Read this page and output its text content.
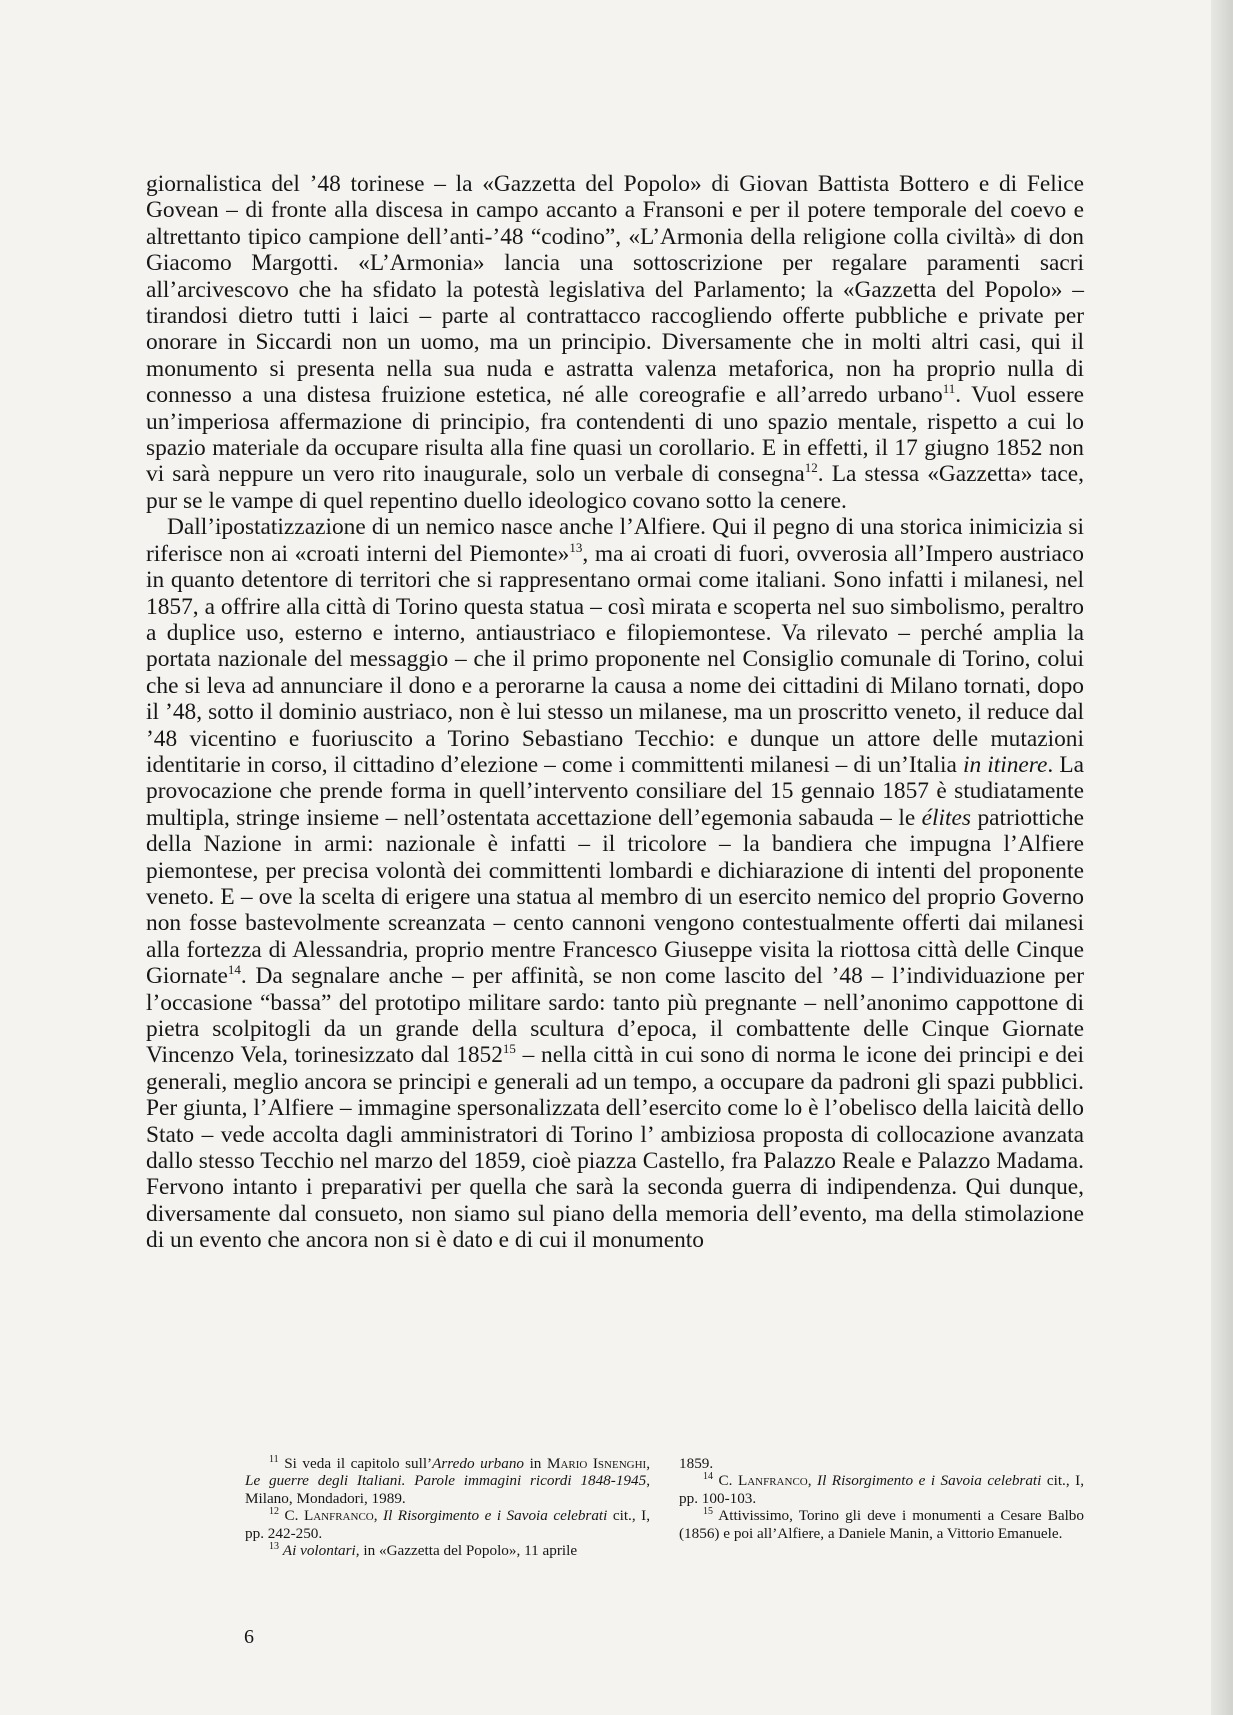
giornalistica del ’48 torinese – la «Gazzetta del Popolo» di Giovan Battista Bottero e di Felice Govean – di fronte alla discesa in campo accanto a Fransoni e per il potere temporale del coevo e altrettanto tipico campione dell’anti-’48 “codino”, «L’Armonia della religione colla civiltà» di don Giacomo Margotti. «L’Armonia» lancia una sottoscrizione per regalare paramenti sacri all’arcivescovo che ha sfidato la potestà legislativa del Parlamento; la «Gazzetta del Popolo» – tirandosi dietro tutti i laici – parte al contrattacco raccogliendo offerte pubbliche e private per onorare in Siccardi non un uomo, ma un principio. Diversamente che in molti altri casi, qui il monumento si presenta nella sua nuda e astratta valenza metaforica, non ha proprio nulla di connesso a una distesa fruizione estetica, né alle coreografie e all’arredo urbano$^{11}$. Vuol essere un’imperiosa affermazione di principio, fra contendenti di uno spazio mentale, rispetto a cui lo spazio materiale da occupare risulta alla fine quasi un corollario. E in effetti, il 17 giugno 1852 non vi sarà neppure un vero rito inaugurale, solo un verbale di consegna$^{12}$. La stessa «Gazzetta» tace, pur se le vampe di quel repentino duello ideologico covano sotto la cenere.

Dall’ipostatizzazione di un nemico nasce anche l’Alfiere. Qui il pegno di una storica inimicizia si riferisce non ai «croati interni del Piemonte»$^{13}$, ma ai croati di fuori, ovverosia all’Impero austriaco in quanto detentore di territori che si rappresentano ormai come italiani. Sono infatti i milanesi, nel 1857, a offrire alla città di Torino questa statua – così mirata e scoperta nel suo simbolismo, peraltro a duplice uso, esterno e interno, antiaustriaco e filopiemontese. Va rilevato – perché amplia la portata nazionale del messaggio – che il primo proponente nel Consiglio comunale di Torino, colui che si leva ad annunciare il dono e a perorarne la causa a nome dei cittadini di Milano tornati, dopo il ’48, sotto il dominio austriaco, non è lui stesso un milanese, ma un proscritto veneto, il reduce dal ’48 vicentino e fuoriuscito a Torino Sebastiano Tecchio: e dunque un attore delle mutazioni identitarie in corso, il cittadino d’elezione – come i committenti milanesi – di un’Italia in itinere. La provocazione che prende forma in quell’intervento consiliare del 15 gennaio 1857 è studiatamente multipla, stringe insieme – nell’ostentata accettazione dell’egemonia sabauda – le élites patriottiche della Nazione in armi: nazionale è infatti – il tricolore – la bandiera che impugna l’Alfiere piemontese, per precisa volontà dei committenti lombardi e dichiarazione di intenti del proponente veneto. E – ove la scelta di erigere una statua al membro di un esercito nemico del proprio Governo non fosse bastevolmente screanzata – cento cannoni vengono contestualmente offerti dai milanesi alla fortezza di Alessandria, proprio mentre Francesco Giuseppe visita la riottosa città delle Cinque Giornate$^{14}$. Da segnalare anche – per affinità, se non come lascito del ’48 – l’individuazione per l’occasione “bassa” del prototipo militare sardo: tanto più pregnante – nell’anonimo cappottone di pietra scolpitogli da un grande della scultura d’epoca, il combattente delle Cinque Giornate Vincenzo Vela, torinesizzato dal 1852$^{15}$ – nella città in cui sono di norma le icone dei principi e dei generali, meglio ancora se principi e generali ad un tempo, a occupare da padroni gli spazi pubblici. Per giunta, l’Alfiere – immagine spersonalizzata dell’esercito come lo è l’obelisco della laicità dello Stato – vede accolta dagli amministratori di Torino l’ ambiziosa proposta di collocazione avanzata dallo stesso Tecchio nel marzo del 1859, cioè piazza Castello, fra Palazzo Reale e Palazzo Madama. Fervono intanto i preparativi per quella che sarà la seconda guerra di indipendenza. Qui dunque, diversamente dal consueto, non siamo sul piano della memoria dell’evento, ma della stimolazione di un evento che ancora non si è dato e di cui il monumento

$^{11}$ Si veda il capitolo sull’Arredo urbano in Mario Isnenghi, Le guerre degli Italiani. Parole immagini ricordi 1848-1945, Milano, Mondadori, 1989.

$^{12}$ C. Lanfranco, Il Risorgimento e i Savoia celebrati cit., I, pp. 242-250.

$^{13}$ Ai volontari, in «Gazzetta del Popolo», 11 aprile

1859.

$^{14}$ C. Lanfranco, Il Risorgimento e i Savoia celebrati cit., I, pp. 100-103.

$^{15}$ Attivissimo, Torino gli deve i monumenti a Cesare Balbo (1856) e poi all’Alfiere, a Daniele Manin, a Vittorio Emanuele.

6
